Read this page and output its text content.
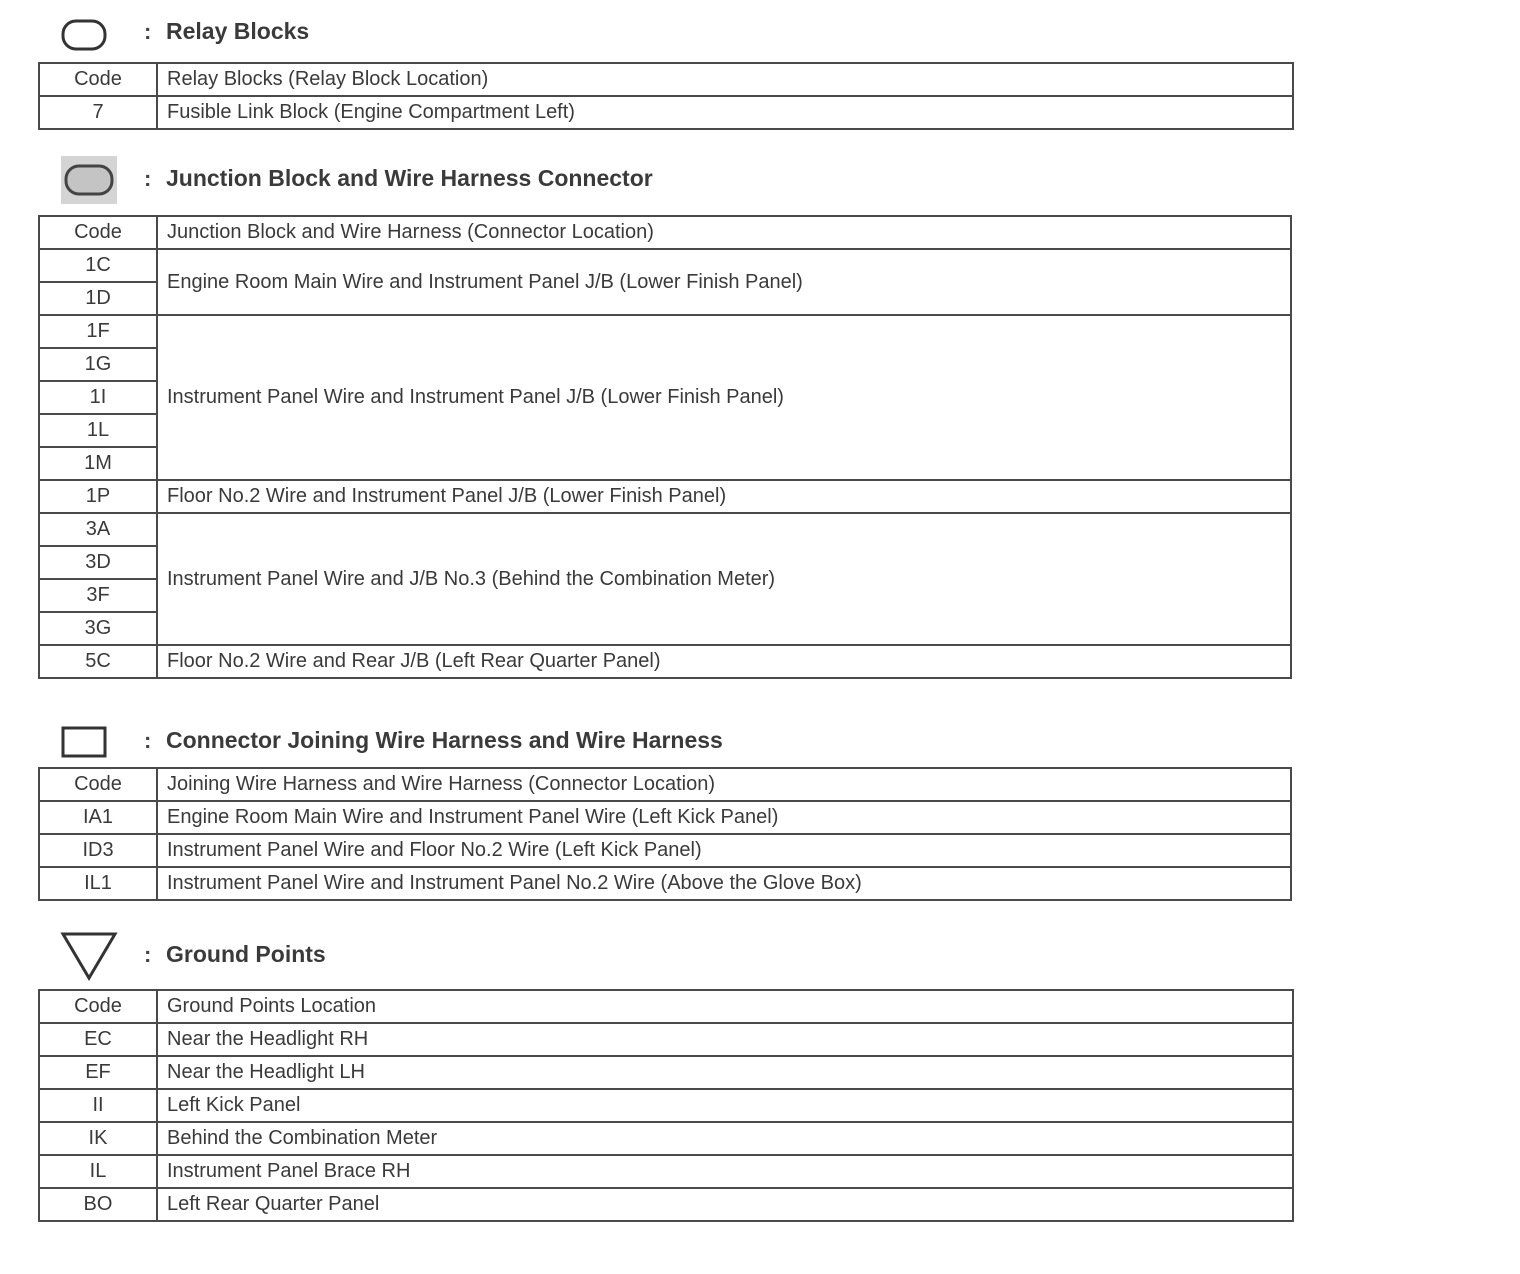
: Relay Blocks
Code	Relay Blocks (Relay Block Location)
7	Fusible Link Block (Engine Compartment Left)
: Junction Block and Wire Harness Connector
Code	Junction Block and Wire Harness (Connector Location)
1C	Engine Room Main Wire and Instrument Panel J/B (Lower Finish Panel)
1D	
1F	Instrument Panel Wire and Instrument Panel J/B (Lower Finish Panel)
1G	
1I	
1L	
1M	
1P	Floor No.2 Wire and Instrument Panel J/B (Lower Finish Panel)
3A	Instrument Panel Wire and J/B No.3 (Behind the Combination Meter)
3D	
3F	
3G	
5C	Floor No.2 Wire and Rear J/B (Left Rear Quarter Panel)
: Connector Joining Wire Harness and Wire Harness
Code	Joining Wire Harness and Wire Harness (Connector Location)
IA1	Engine Room Main Wire and Instrument Panel Wire (Left Kick Panel)
ID3	Instrument Panel Wire and Floor No.2 Wire (Left Kick Panel)
IL1	Instrument Panel Wire and Instrument Panel No.2 Wire (Above the Glove Box)
: Ground Points
Code	Ground Points Location
EC	Near the Headlight RH
EF	Near the Headlight LH
II	Left Kick Panel
IK	Behind the Combination Meter
IL	Instrument Panel Brace RH
BO	Left Rear Quarter Panel
